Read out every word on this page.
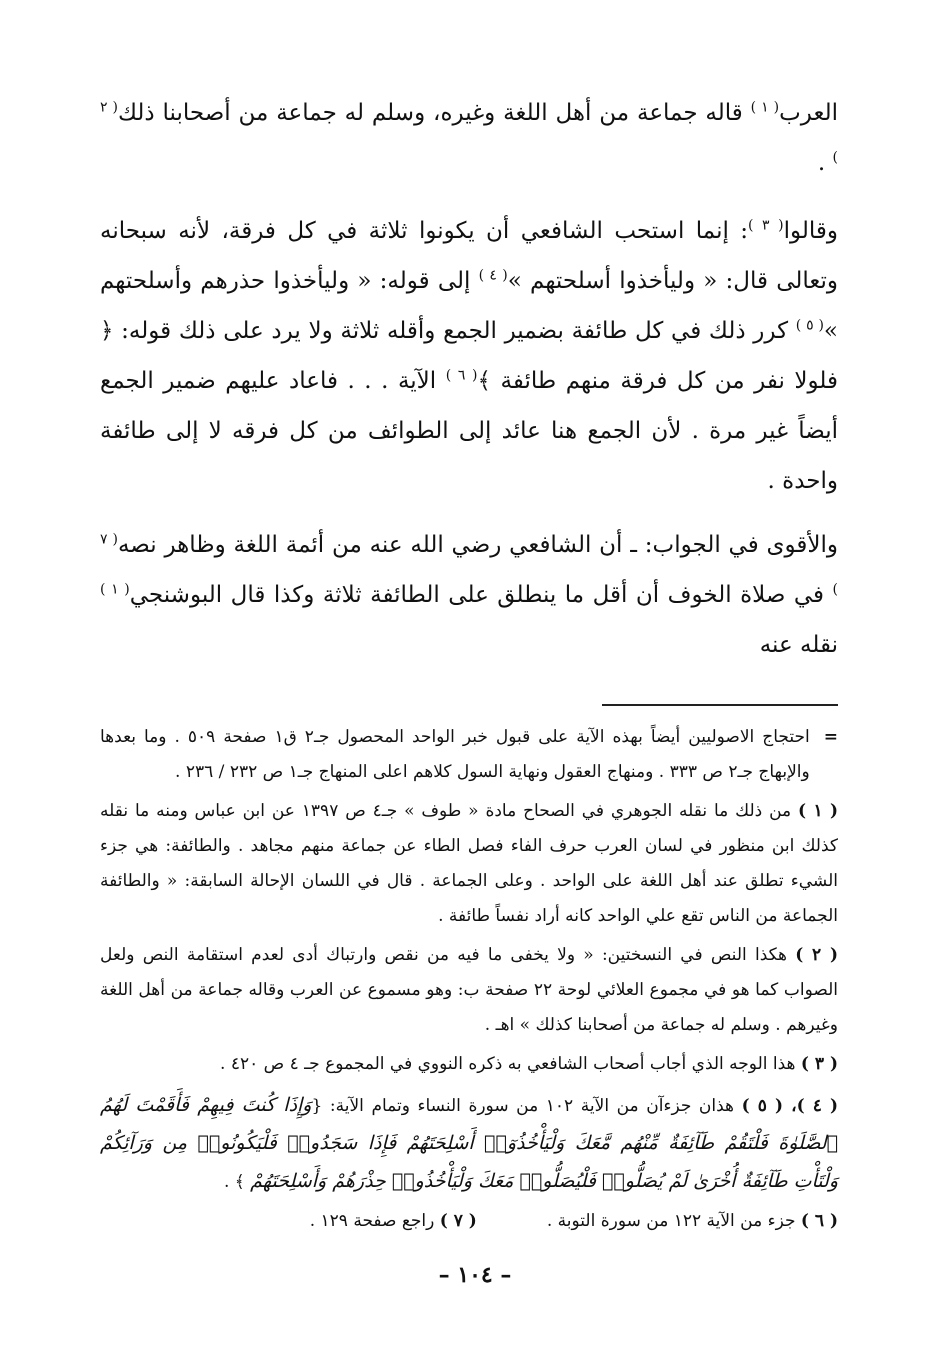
العرب$^{( ١ )}$ قاله جماعة من أهل اللغة وغيره، وسلم له جماعة من أصحابنا ذلك$^{( ٢ )}$ .

وقالوا$^{( ٣ )}$: إنما استحب الشافعي أن يكونوا ثلاثة في كل فرقة، لأنه سبحانه وتعالى قال: « وليأخذوا أسلحتهم »$^{( ٤ )}$ إلى قوله: « وليأخذوا حذرهم وأسلحتهم »$^{( ٥ )}$ كرر ذلك في كل طائفة بضمير الجمع وأقله ثلاثة ولا يرد على ذلك قوله: ﴿ فلولا نفر من كل فرقة منهم طائفة ﴾$^{( ٦ )}$ الآية . . . فاعاد عليهم ضمير الجمع أيضاً غير مرة . لأن الجمع هنا عائد إلى الطوائف من كل فرقه لا إلى طائفة واحدة .

والأقوى في الجواب: ـ أن الشافعي رضي الله عنه من أئمة اللغة وظاهر نصه$^{( ٧ )}$ في صلاة الخوف أن أقل ما ينطلق على الطائفة ثلاثة وكذا قال البوشنجي$^{( ١ )}$ نقله عنه

=
احتجاج الاصوليين أيضاً بهذه الآية على قبول خبر الواحد المحصول جـ٢ ق١ صفحة ٥٠٩ . وما بعدها والإبهاج جـ٢ ص ٣٣٣ . ومنهاج العقول ونهاية السول كلاهم اعلى المنهاج جـ١ ص ٢٣٢ / ٢٣٦ .
( ١ ) من ذلك ما نقله الجوهري في الصحاح مادة « طوف » جـ٤ ص ١٣٩٧ عن ابن عباس ومنه ما نقله كذلك ابن منظور في لسان العرب حرف الفاء فصل الطاء عن جماعة منهم مجاهد . والطائفة: هي جزء الشيء تطلق عند أهل اللغة على الواحد . وعلى الجماعة . قال في اللسان الإحالة السابقة: « والطائفة الجماعة من الناس تقع علي الواحد كانه أراد نفساً طائفة .
( ٢ ) هكذا النص في النسختين: « ولا يخفى ما فيه من نقص وارتباك أدى لعدم استقامة النص ولعل الصواب كما هو في مجموع العلائي لوحة ٢٢ صفحة ب: وهو مسموع عن العرب وقاله جماعة من أهل اللغة وغيرهم . وسلم له جماعة من أصحابنا كذلك » اهـ .
( ٣ ) هذا الوجه الذي أجاب أصحاب الشافعي به ذكره النووي في المجموع جـ ٤ ص ٤٢٠ .
( ٤ )، ( ٥ ) هذان جزءآن من الآية ١٠٢ من سورة النساء وتمام الآية: {وَإِذَا كُنتَ فِيهِمْ فَأَقَمْتَ لَهُمُ ٱلصَّلَوٰةَ فَلْتَقُمْ طَآئِفَةٌ مِّنْهُم مَّعَكَ وَلْيَأْخُذُوٓا۟ أَسْلِحَتَهُمْ فَإِذَا سَجَدُوا۟ فَلْيَكُونُوا۟ مِن وَرَآئِكُمْ وَلْتَأْتِ طَآئِفَةٌ أُخْرَىٰ لَمْ يُصَلُّوا۟ فَلْيُصَلُّوا۟ مَعَكَ وَلْيَأْخُذُوا۟ حِذْرَهُمْ وَأَسْلِحَتَهُمْ ﴾ .
( ٦ ) جزء من الآية ١٢٢ من سورة التوبة .
( ٧ ) راجع صفحة ١٢٩ .
– ١٠٤ –
